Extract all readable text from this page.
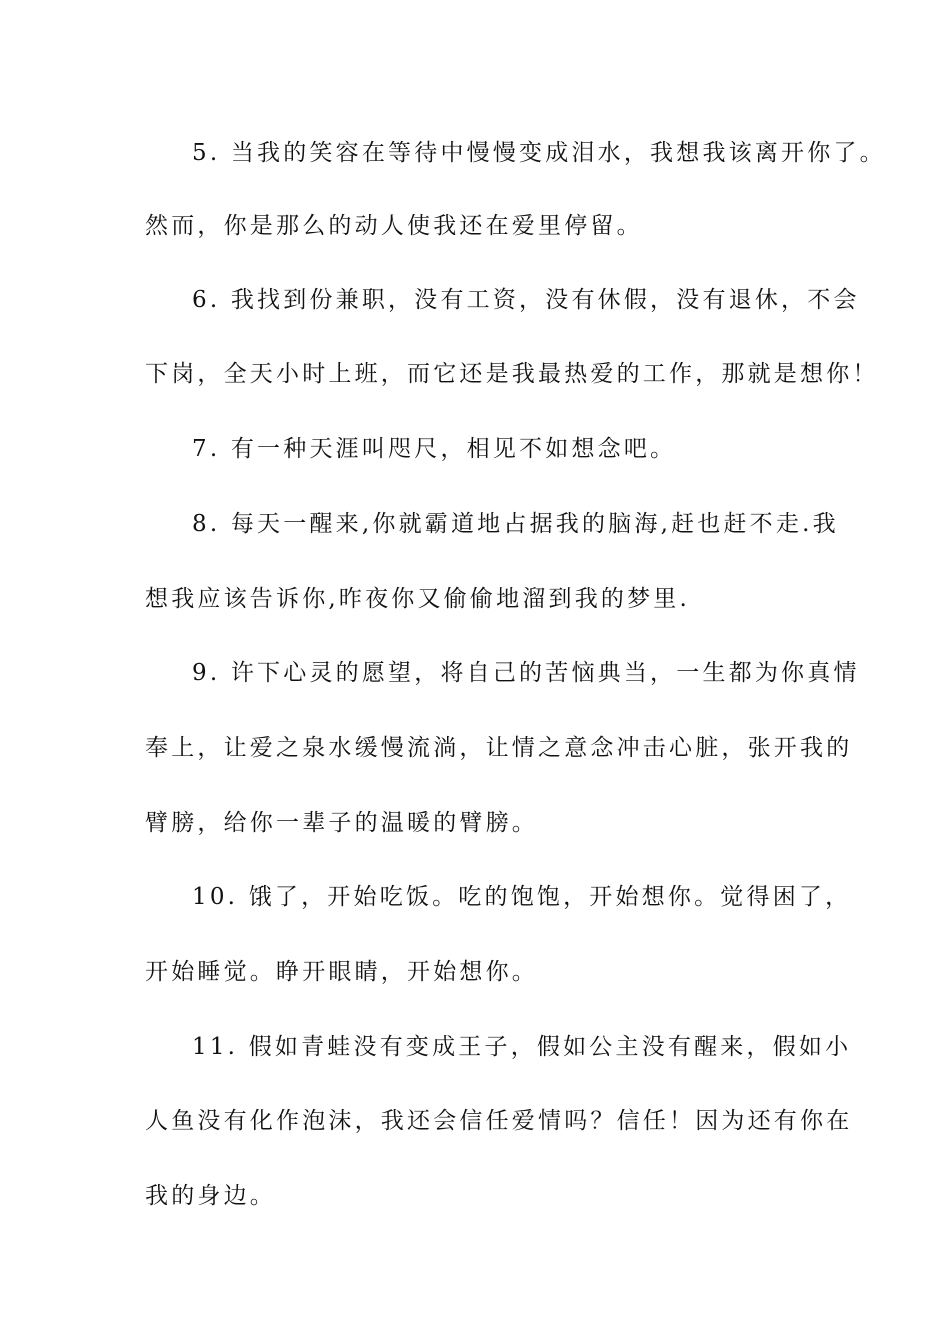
5. 当我的笑容在等待中慢慢变成泪水，我想我该离开你了。

然而，你是那么的动人使我还在爱里停留。

6. 我找到份兼职，没有工资，没有休假，没有退休，不会

下岗，全天小时上班，而它还是我最热爱的工作，那就是想你！

7. 有一种天涯叫咫尺，相见不如想念吧。

8. 每天一醒来,你就霸道地占据我的脑海,赶也赶不走.我

想我应该告诉你,昨夜你又偷偷地溜到我的梦里.

9. 许下心灵的愿望，将自己的苦恼典当，一生都为你真情

奉上，让爱之泉水缓慢流淌，让情之意念冲击心脏，张开我的

臂膀，给你一辈子的温暖的臂膀。

10. 饿了，开始吃饭。吃的饱饱，开始想你。觉得困了，

开始睡觉。睁开眼睛，开始想你。

11. 假如青蛙没有变成王子，假如公主没有醒来，假如小

人鱼没有化作泡沫，我还会信任爱情吗？信任！因为还有你在

我的身边。
